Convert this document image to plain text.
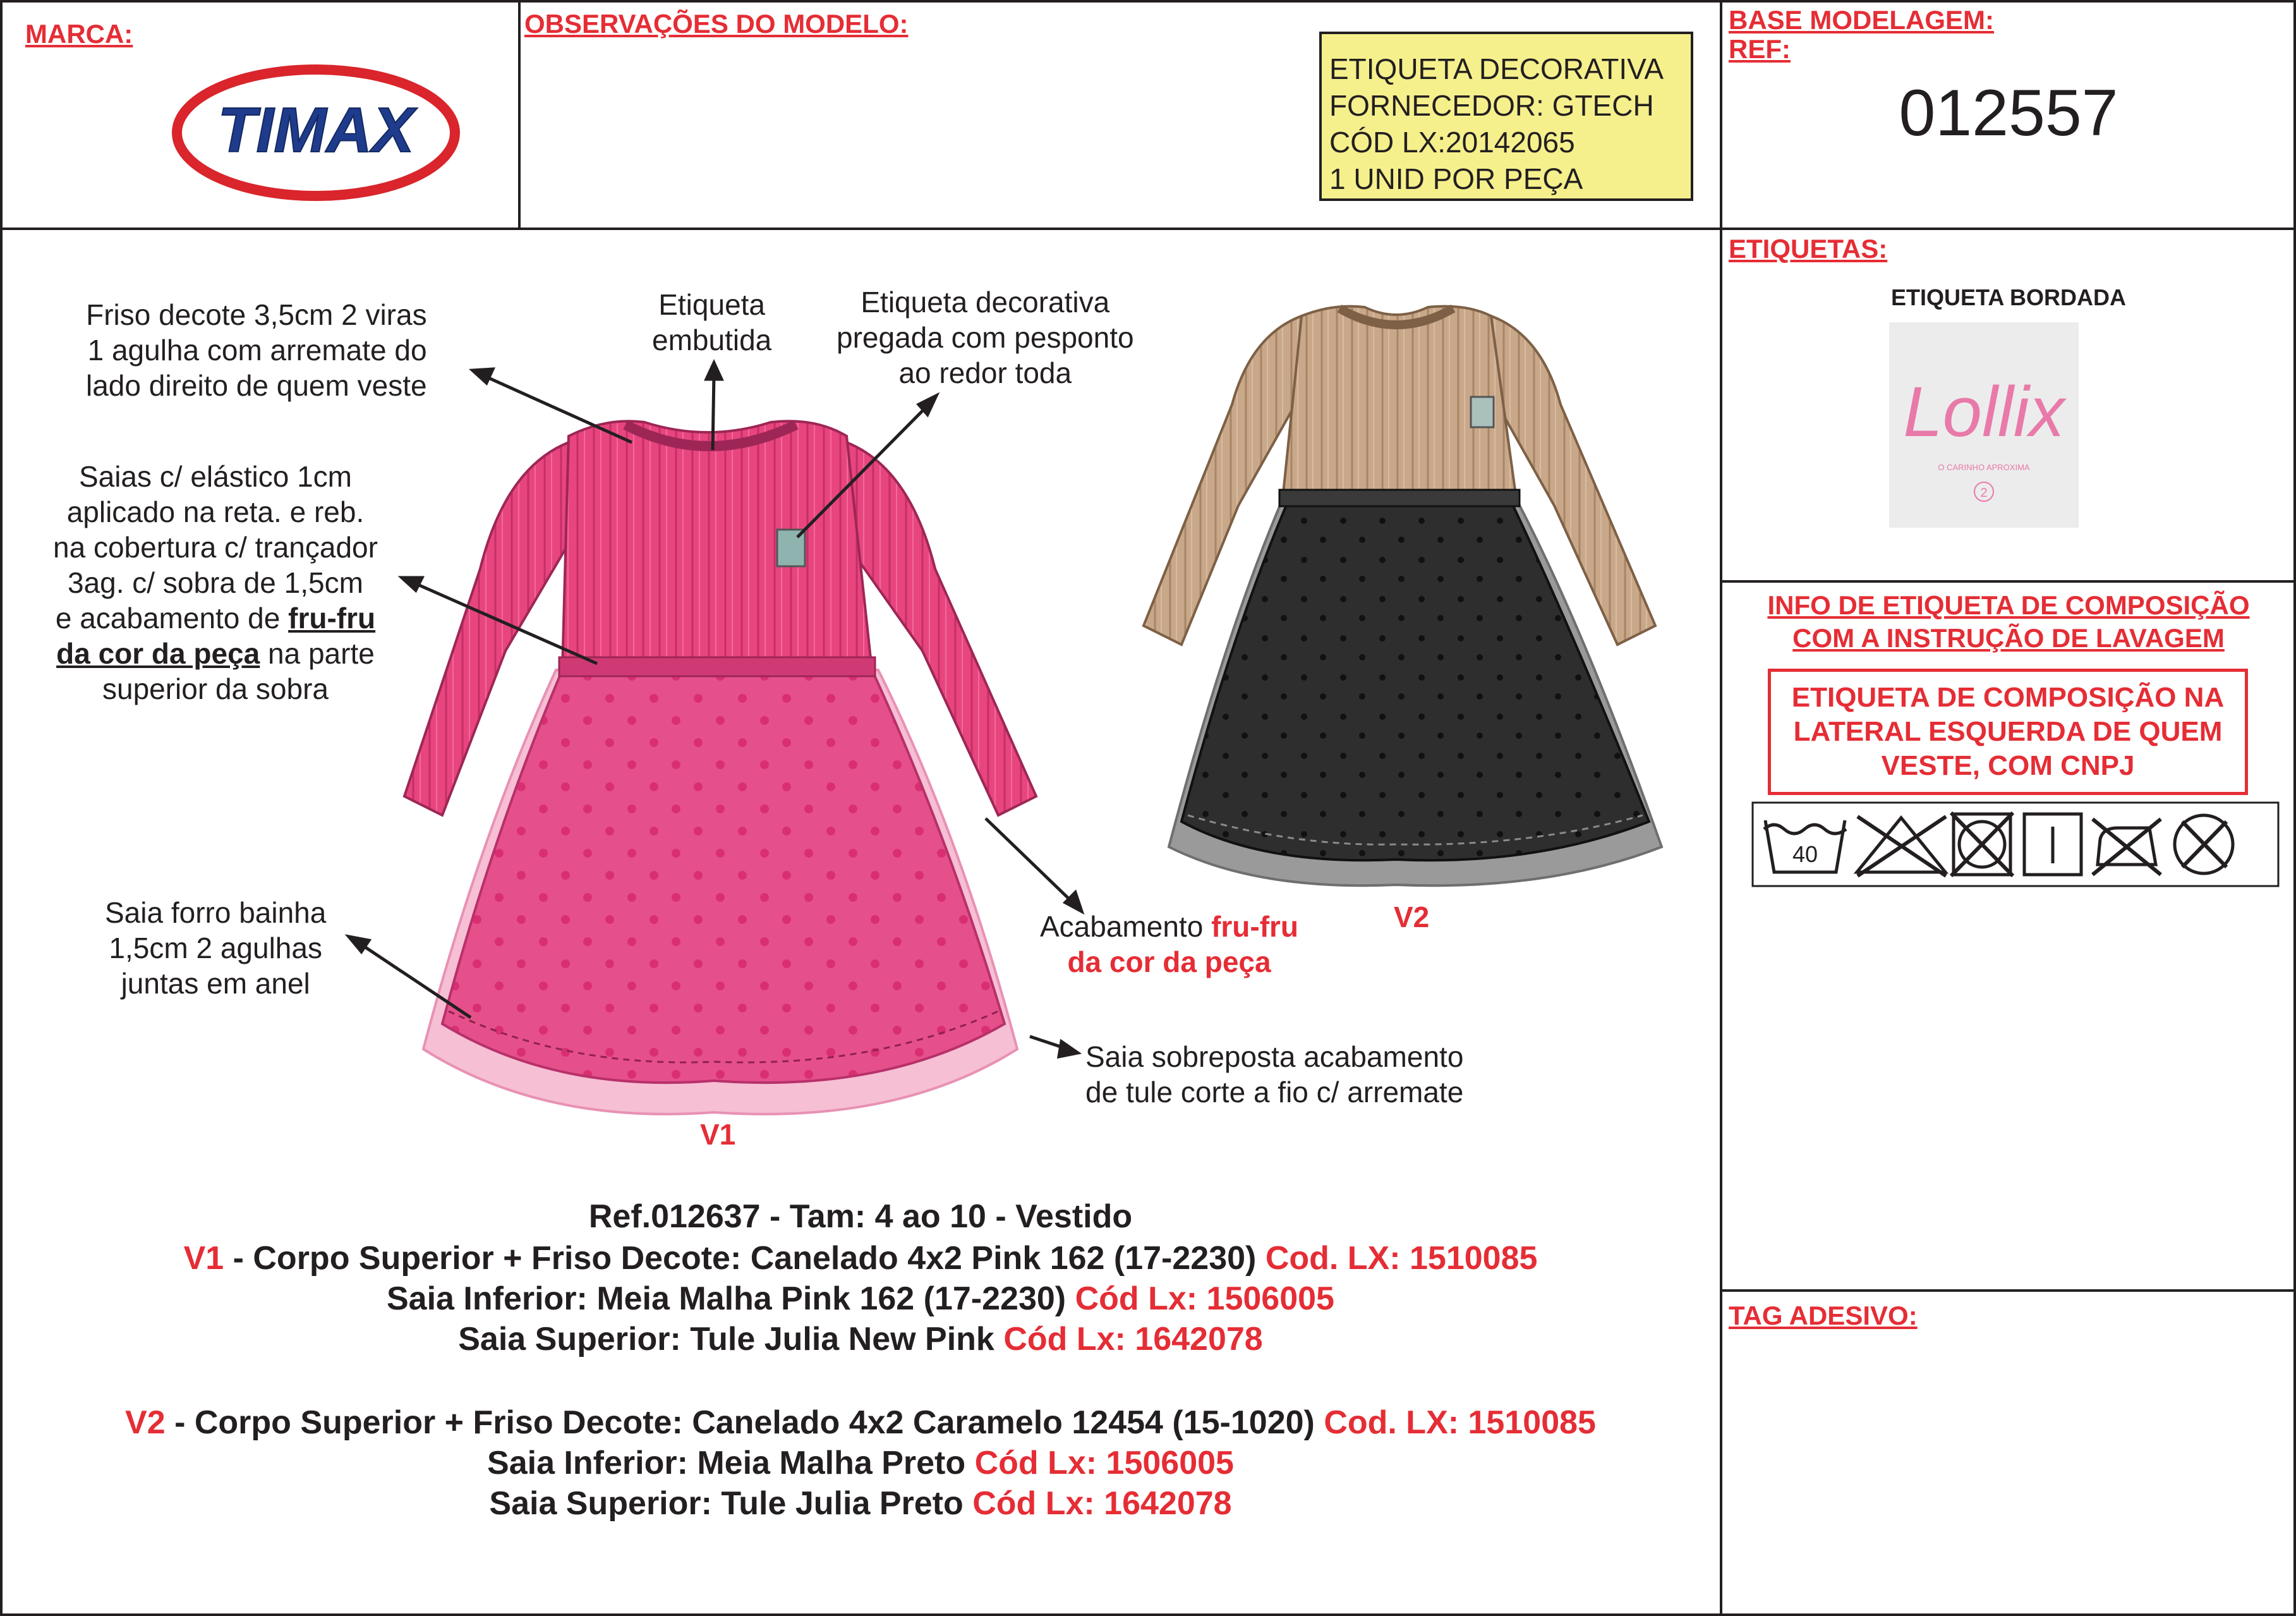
MARCA:
TIMAX
OBSERVAÇÕES DO MODELO:
ETIQUETA DECORATIVA
FORNECEDOR: GTECH
CÓD LX:20142065
1 UNID POR PEÇA
BASE MODELAGEM:
REF:
012557
ETIQUETAS:
ETIQUETA BORDADA
Lollix
O CARINHO APROXIMA
2
INFO DE ETIQUETA DE COMPOSIÇÃO
COM A INSTRUÇÃO DE LAVAGEM
ETIQUETA DE COMPOSIÇÃO NA
LATERAL ESQUERDA DE QUEM
VESTE, COM CNPJ
40
TAG ADESIVO:
Friso decote 3,5cm 2 viras
1 agulha com arremate do
lado direito de quem veste
Etiqueta
embutida
Etiqueta decorativa
pregada com pesponto
ao redor toda
Saias c/ elástico 1cm
aplicado na reta. e reb.
na cobertura c/ trançador
3ag. c/ sobra de 1,5cm
e acabamento de fru-fru
da cor da peça na parte
superior da sobra
Saia forro bainha
1,5cm 2 agulhas
juntas em anel
Acabamento fru-fru
da cor da peça
Saia sobreposta acabamento
de tule corte a fio c/ arremate
V1
V2
Ref.012637 - Tam: 4 ao 10 - Vestido
V1 - Corpo Superior + Friso Decote: Canelado 4x2 Pink 162 (17-2230) Cod. LX: 1510085
Saia Inferior: Meia Malha Pink 162 (17-2230) Cód Lx: 1506005
Saia Superior: Tule Julia New Pink Cód Lx: 1642078
V2 - Corpo Superior + Friso Decote: Canelado 4x2 Caramelo 12454 (15-1020) Cod. LX: 1510085
Saia Inferior: Meia Malha Preto Cód Lx: 1506005
Saia Superior: Tule Julia Preto Cód Lx: 1642078
